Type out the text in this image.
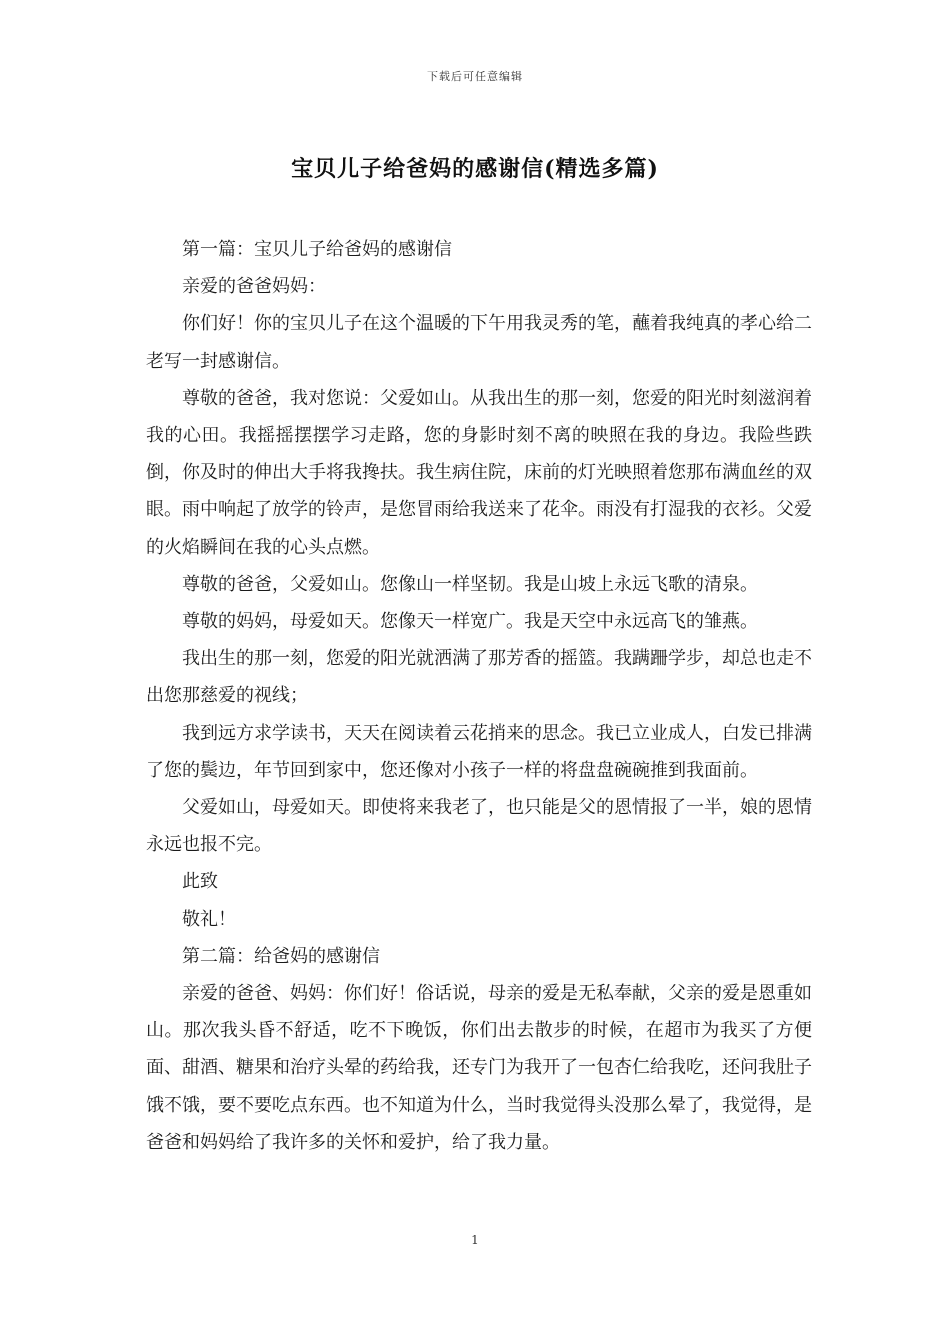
下载后可任意编辑
宝贝儿子给爸妈的感谢信(精选多篇)

第一篇：宝贝儿子给爸妈的感谢信

亲爱的爸爸妈妈：

你们好！你的宝贝儿子在这个温暖的下午用我灵秀的笔，蘸着我纯真的孝心给二老写一封感谢信。

尊敬的爸爸，我对您说：父爱如山。从我出生的那一刻，您爱的阳光时刻滋润着我的心田。我摇摇摆摆学习走路，您的身影时刻不离的映照在我的身边。我险些跌倒，你及时的伸出大手将我搀扶。我生病住院，床前的灯光映照着您那布满血丝的双眼。雨中响起了放学的铃声，是您冒雨给我送来了花伞。雨没有打湿我的衣衫。父爱的火焰瞬间在我的心头点燃。

尊敬的爸爸，父爱如山。您像山一样坚韧。我是山坡上永远飞歌的清泉。

尊敬的妈妈，母爱如天。您像天一样宽广。我是天空中永远高飞的雏燕。

我出生的那一刻，您爱的阳光就洒满了那芳香的摇篮。我蹒跚学步，却总也走不出您那慈爱的视线；

我到远方求学读书，天天在阅读着云花捎来的思念。我已立业成人，白发已排满了您的鬓边，年节回到家中，您还像对小孩子一样的将盘盘碗碗推到我面前。

父爱如山，母爱如天。即使将来我老了，也只能是父的恩情报了一半，娘的恩情永远也报不完。

此致

敬礼！

第二篇：给爸妈的感谢信

亲爱的爸爸、妈妈：你们好！俗话说，母亲的爱是无私奉献，父亲的爱是恩重如山。那次我头昏不舒适，吃不下晚饭，你们出去散步的时候，在超市为我买了方便面、甜酒、糖果和治疗头晕的药给我，还专门为我开了一包杏仁给我吃，还问我肚子饿不饿，要不要吃点东西。也不知道为什么，当时我觉得头没那么晕了，我觉得，是爸爸和妈妈给了我许多的关怀和爱护，给了我力量。

1
